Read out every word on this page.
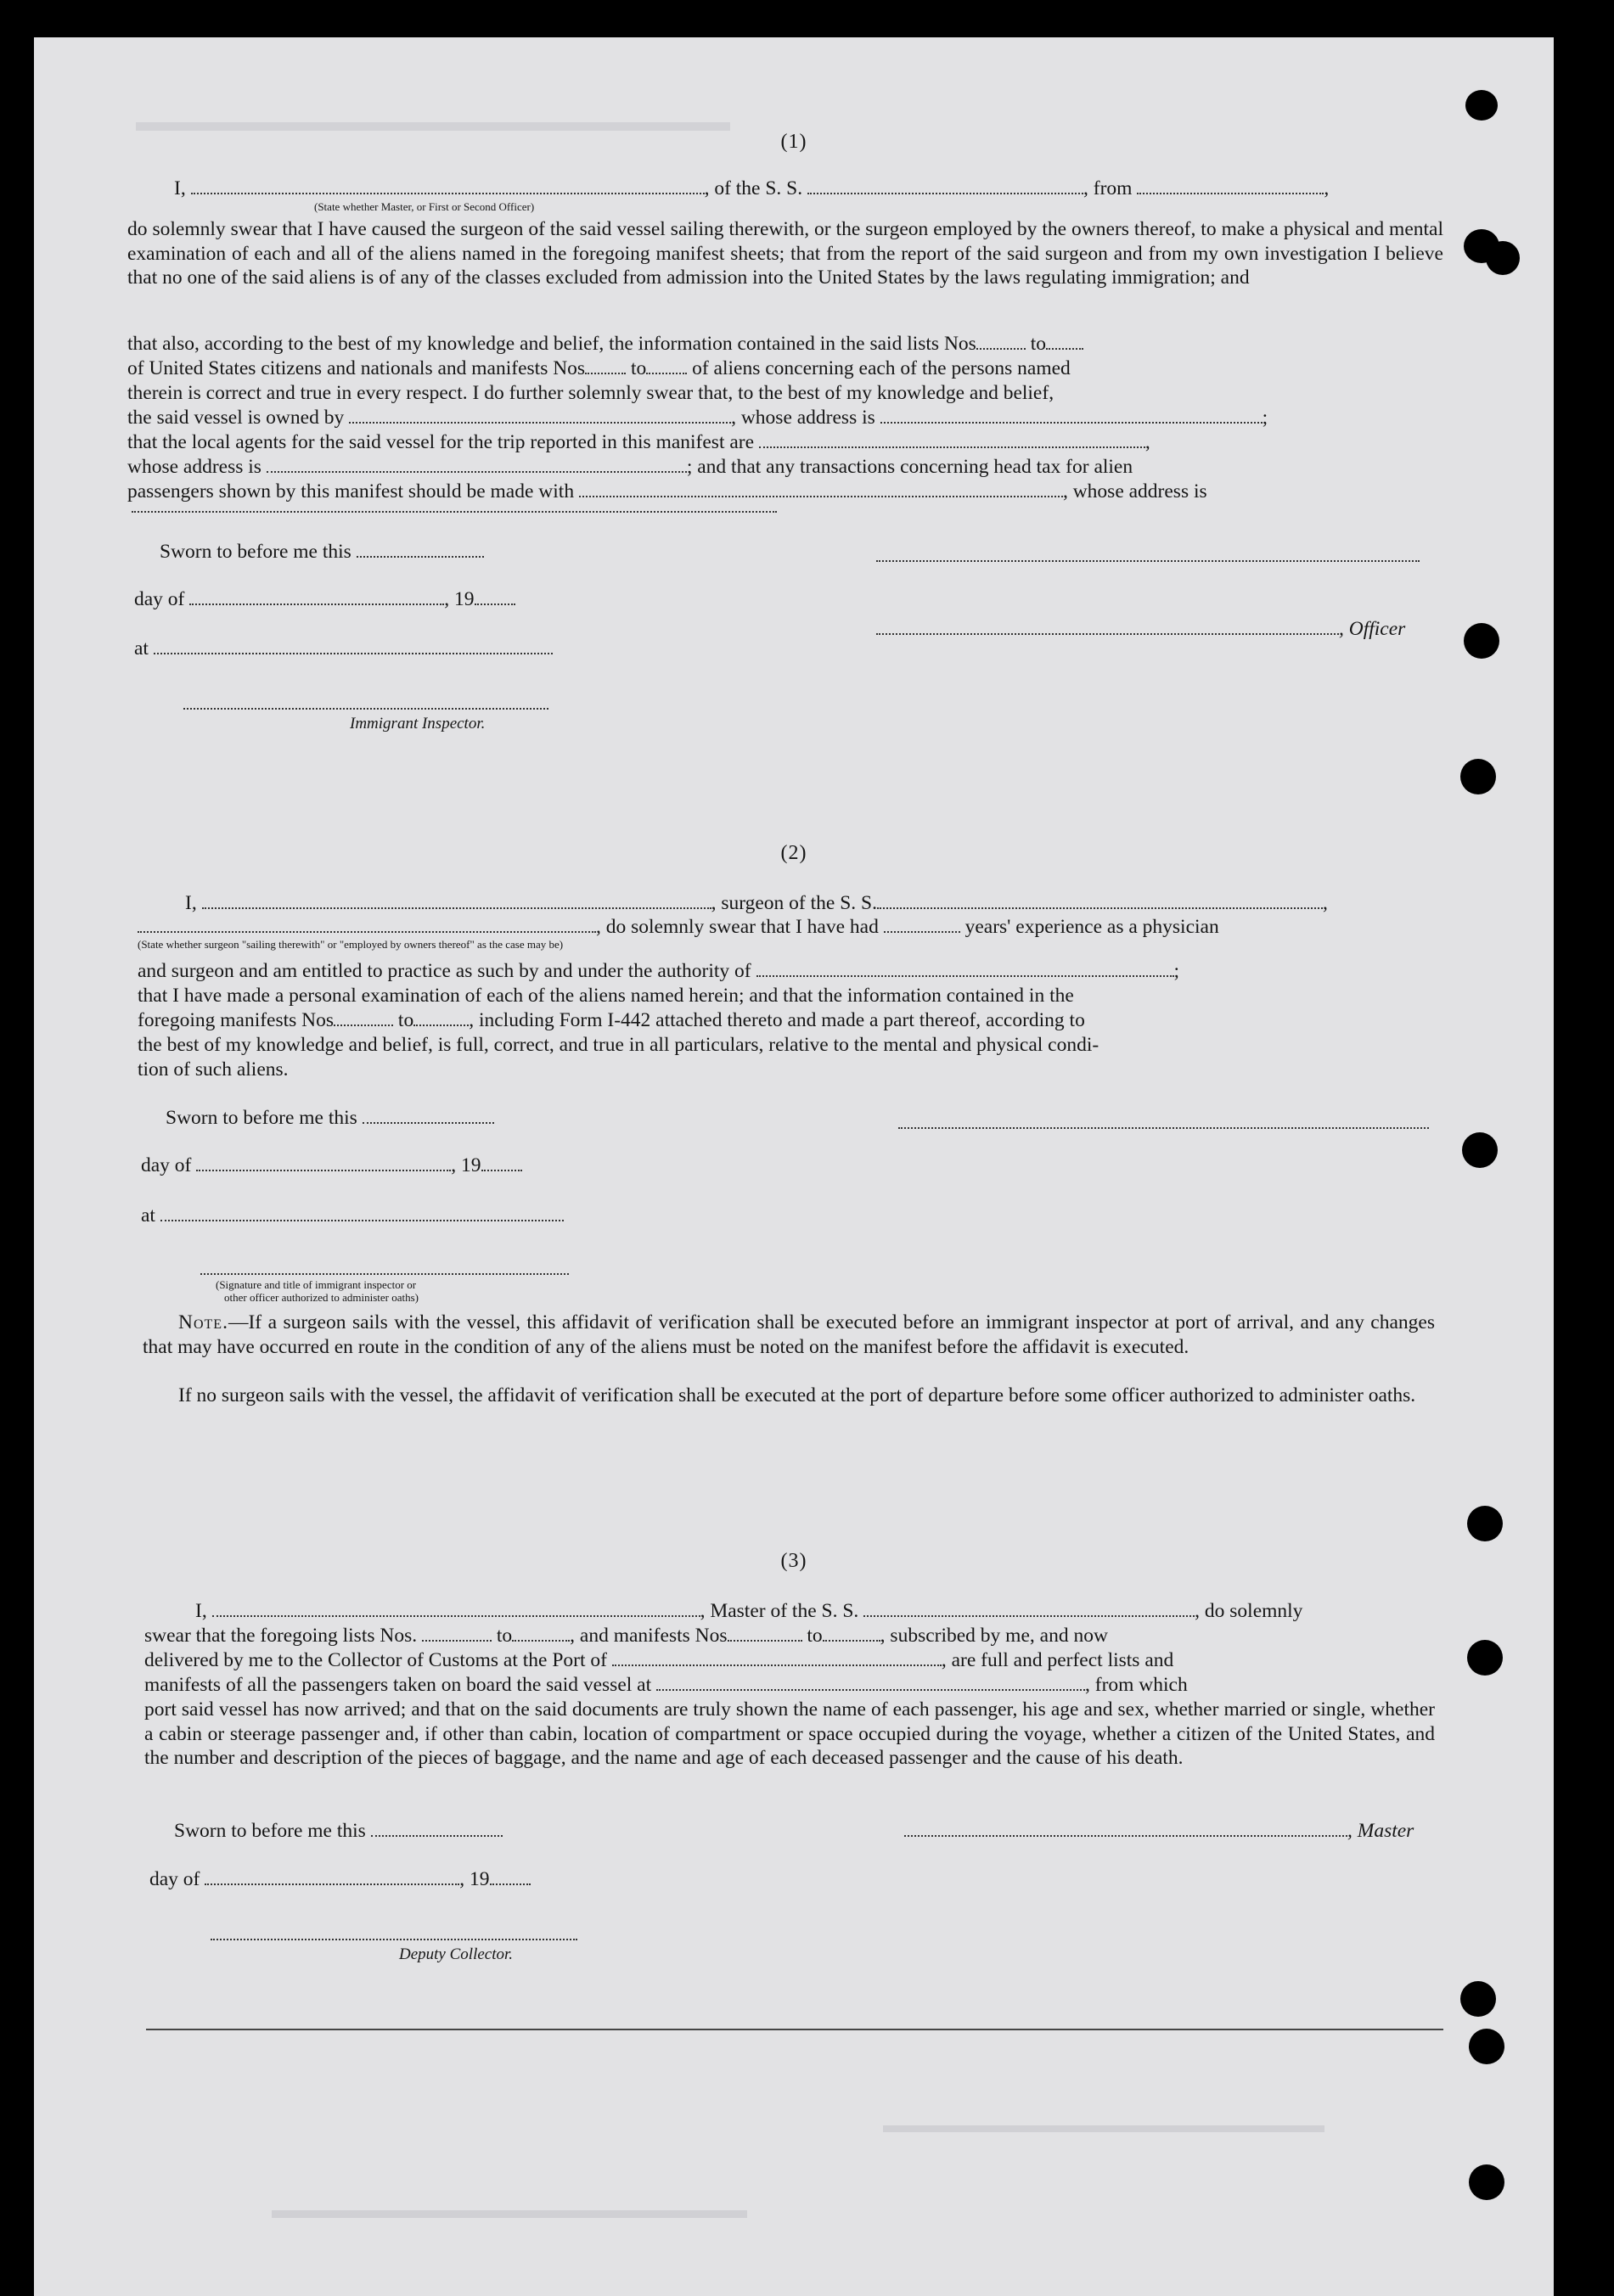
(1)
I,	, of the S. S.	, from	,
(State whether Master, or First or Second Officer)
do solemnly swear that I have caused the surgeon of the said vessel sailing therewith, or the surgeon employed by the owners thereof, to make a physical and mental examination of each and all of the aliens named in the foregoing manifest sheets; that from the report of the said surgeon and from my own investigation I believe that no one of the said aliens is of any of the classes excluded from admission into the United States by the laws regulating immigration; and
that also, according to the best of my knowledge and belief, the information contained in the said lists Nos	to
of United States citizens and nationals and manifests Nos to of aliens concerning each of the persons named
therein is correct and true in every respect. I do further solemnly swear that, to the best of my knowledge and belief,
the said vessel is owned by	, whose address is	;
that the local agents for the said vessel for the trip reported in this manifest are	,
whose address is	; and that any transactions concerning head tax for alien
passengers shown by this manifest should be made with	, whose address is
Sworn to before me this
day of	, 19
, Officer
at
Immigrant Inspector.
(2)
I,	, surgeon of the S. S.	,
, do solemnly swear that I have had	years' experience as a physician
(State whether surgeon "sailing therewith" or "employed by owners thereof" as the case may be)
and surgeon and am entitled to practice as such by and under the authority of	;
that I have made a personal examination of each of the aliens named herein; and that the information contained in the
foregoing manifests Nos	to	, including Form I-442 attached thereto and made a part thereof, according to
the best of my knowledge and belief, is full, correct, and true in all particulars, relative to the mental and physical condi-
tion of such aliens.
Sworn to before me this
day of	, 19
at
(Signature and title of immigrant inspector or
other officer authorized to administer oaths)
Note.—If a surgeon sails with the vessel, this affidavit of verification shall be executed before an immigrant inspector at port of arrival, and any changes that may have occurred en route in the condition of any of the aliens must be noted on the manifest before the affidavit is executed.
If no surgeon sails with the vessel, the affidavit of verification shall be executed at the port of departure before some officer authorized to administer oaths.
(3)
I,	, Master of the S. S.	, do solemnly
swear that the foregoing lists Nos.	to	, and manifests Nos	to	, subscribed by me, and now
delivered by me to the Collector of Customs at the Port of	, are full and perfect lists and
manifests of all the passengers taken on board the said vessel at	, from which
port said vessel has now arrived; and that on the said documents are truly shown the name of each passenger, his age and sex, whether married or single, whether a cabin or steerage passenger and, if other than cabin, location of compartment or space occupied during the voyage, whether a citizen of the United States, and the number and description of the pieces of baggage, and the name and age of each deceased passenger and the cause of his death.
Sworn to before me this	, Master
day of	, 19
Deputy Collector.
